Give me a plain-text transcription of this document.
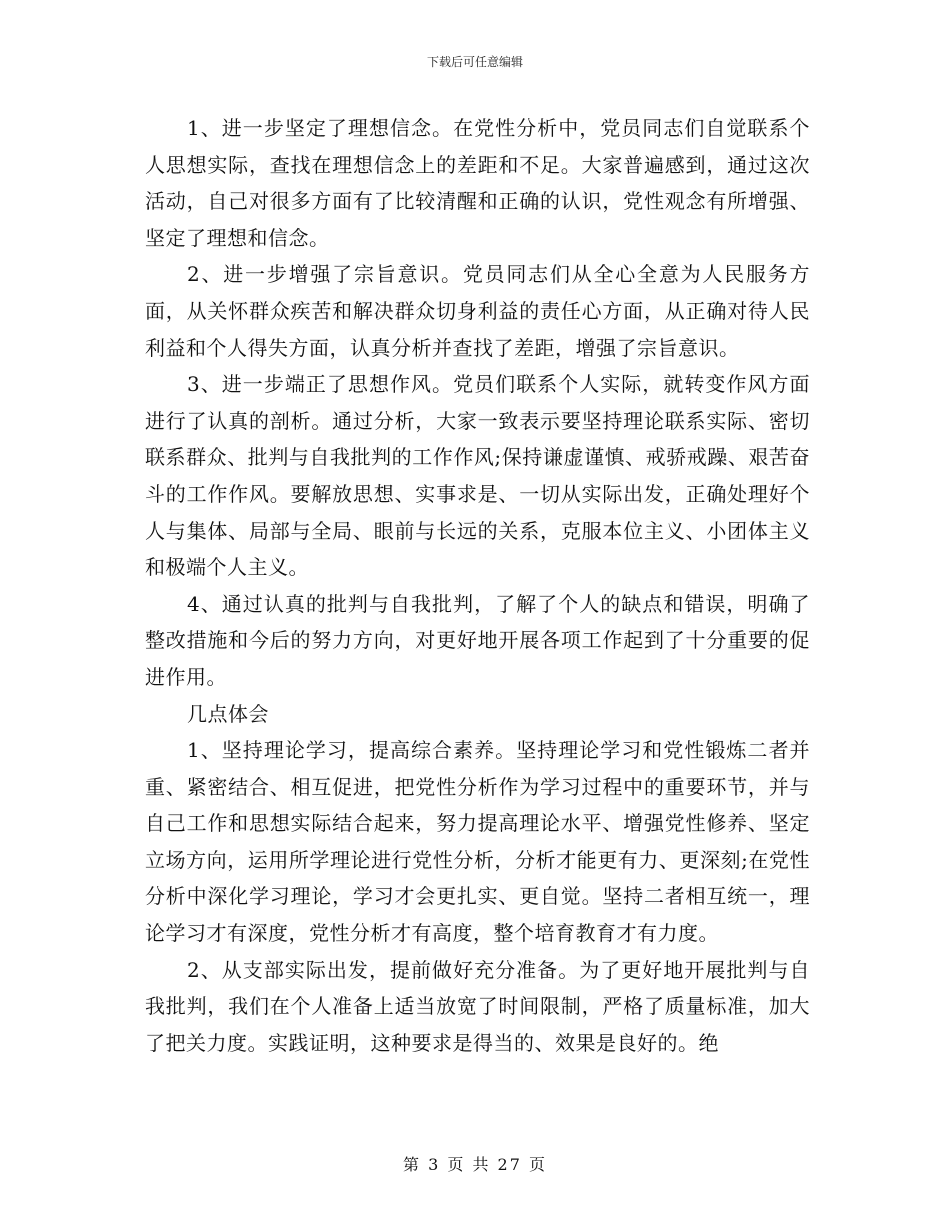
下载后可任意编辑

1、进一步坚定了理想信念。在党性分析中，党员同志们自觉联系个人思想实际，查找在理想信念上的差距和不足。大家普遍感到，通过这次活动，自己对很多方面有了比较清醒和正确的认识，党性观念有所增强、坚定了理想和信念。

2、进一步增强了宗旨意识。党员同志们从全心全意为人民服务方面，从关怀群众疾苦和解决群众切身利益的责任心方面，从正确对待人民利益和个人得失方面，认真分析并查找了差距，增强了宗旨意识。

3、进一步端正了思想作风。党员们联系个人实际，就转变作风方面进行了认真的剖析。通过分析，大家一致表示要坚持理论联系实际、密切联系群众、批判与自我批判的工作作风;保持谦虚谨慎、戒骄戒躁、艰苦奋斗的工作作风。要解放思想、实事求是、一切从实际出发，正确处理好个人与集体、局部与全局、眼前与长远的关系，克服本位主义、小团体主义和极端个人主义。

4、通过认真的批判与自我批判，了解了个人的缺点和错误，明确了整改措施和今后的努力方向，对更好地开展各项工作起到了十分重要的促进作用。

几点体会

1、坚持理论学习，提高综合素养。坚持理论学习和党性锻炼二者并重、紧密结合、相互促进，把党性分析作为学习过程中的重要环节，并与自己工作和思想实际结合起来，努力提高理论水平、增强党性修养、坚定立场方向，运用所学理论进行党性分析，分析才能更有力、更深刻;在党性分析中深化学习理论，学习才会更扎实、更自觉。坚持二者相互统一，理论学习才有深度，党性分析才有高度，整个培育教育才有力度。

2、从支部实际出发，提前做好充分准备。为了更好地开展批判与自我批判，我们在个人准备上适当放宽了时间限制，严格了质量标准，加大了把关力度。实践证明，这种要求是得当的、效果是良好的。绝

第 3 页 共 27 页
